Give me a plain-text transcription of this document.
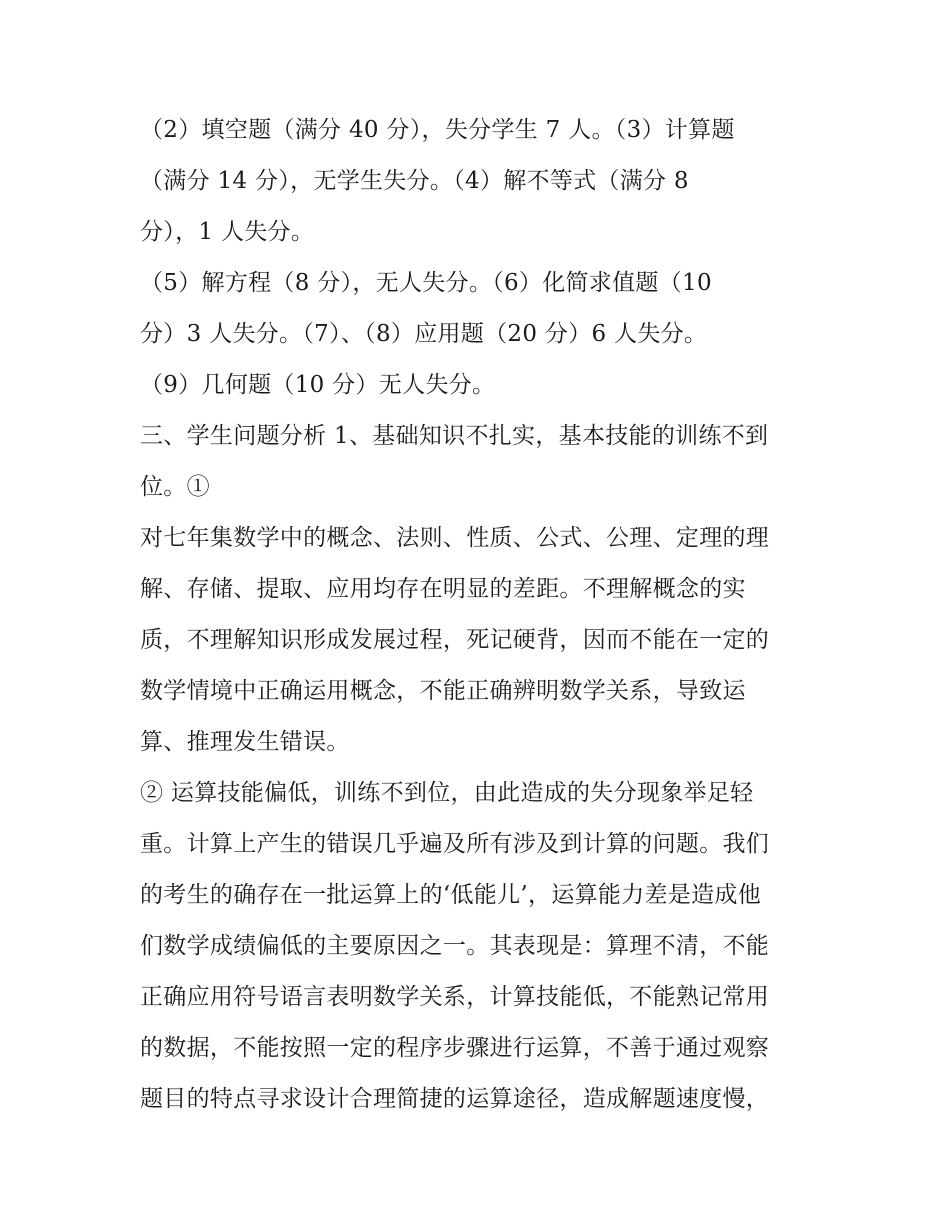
（2）填空题（满分 40 分），失分学生 7 人。（3）计算题
（满分 14 分），无学生失分。（4）解不等式（满分 8
分），1 人失分。
（5）解方程（8 分），无人失分。（6）化简求值题（10
分）3 人失分。（7）、（8）应用题（20 分）6 人失分。
（9）几何题（10 分）无人失分。
三、学生问题分析 1、基础知识不扎实，基本技能的训练不到
位。①
对七年集数学中的概念、法则、性质、公式、公理、定理的理
解、存储、提取、应用均存在明显的差距。不理解概念的实
质，不理解知识形成发展过程，死记硬背，因而不能在一定的
数学情境中正确运用概念，不能正确辨明数学关系，导致运
算、推理发生错误。
② 运算技能偏低，训练不到位，由此造成的失分现象举足轻
重。计算上产生的错误几乎遍及所有涉及到计算的问题。我们
的考生的确存在一批运算上的‘低能儿’，运算能力差是造成他
们数学成绩偏低的主要原因之一。其表现是：算理不清，不能
正确应用符号语言表明数学关系，计算技能低，不能熟记常用
的数据，不能按照一定的程序步骤进行运算，不善于通过观察
题目的特点寻求设计合理简捷的运算途径，造成解题速度慢，
